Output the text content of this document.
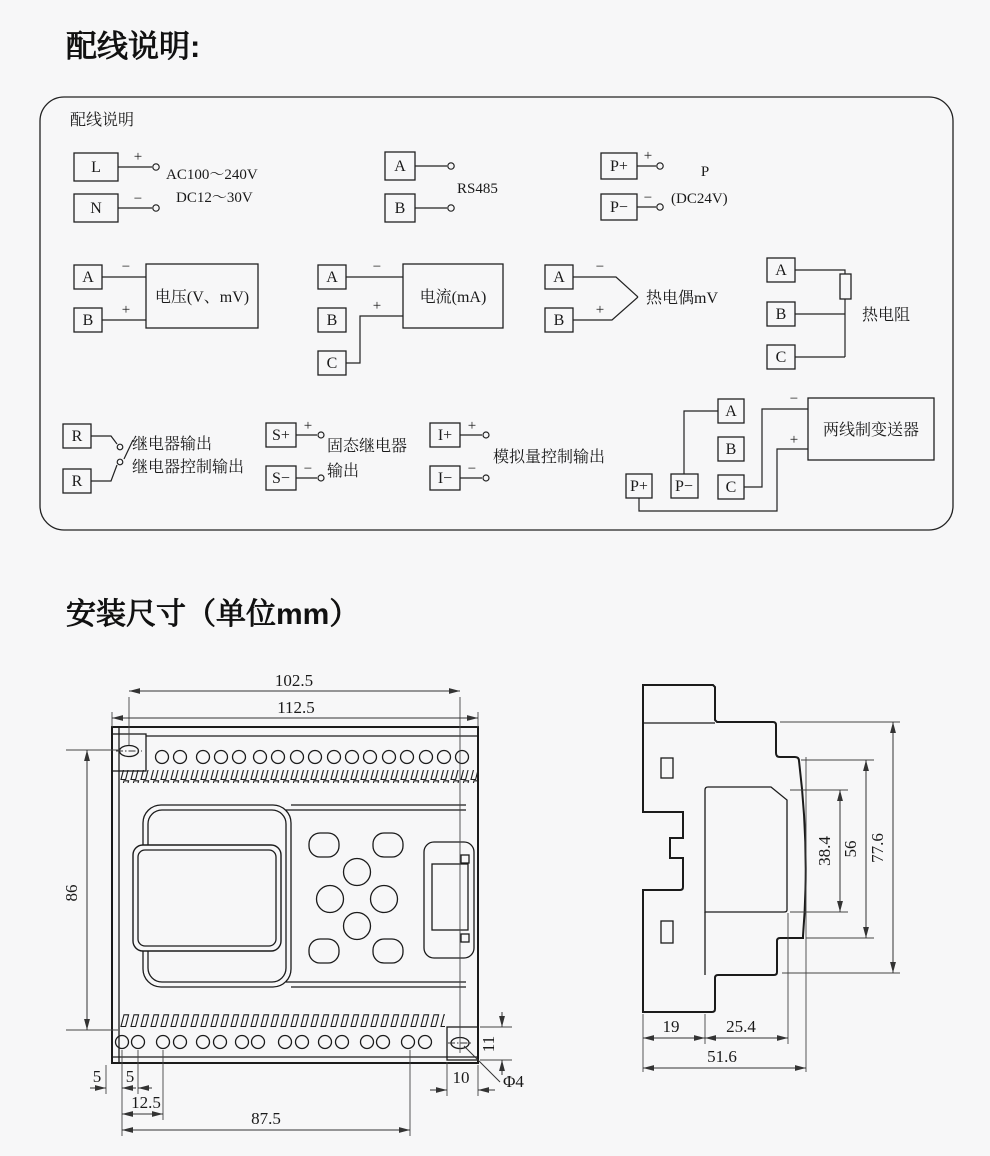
配线说明:
安装尺寸（单位mm）
配线说明
L
N
+
−
AC100～240V
DC12～30V
A
B
RS485
P+
P−
+
−
P
(DC24V)
A
B
−
+
电压(V、mV)
A
B
C
−
+ 电流(mA)
A
B
−
+
热电偶mV
A
B
C
热电阻
R
R
继电器输出
继电器控制输出
S+
S−
+
−
固态继电器
输出
I+
I−
+
−
模拟量控制输出
A
B
C
P+ P−
−
+
两线制变送器
102.5
112.5
86
5 5
12.5
87.5
10
11
Φ4
38.4 56 77.6
19	25.4
51.6
